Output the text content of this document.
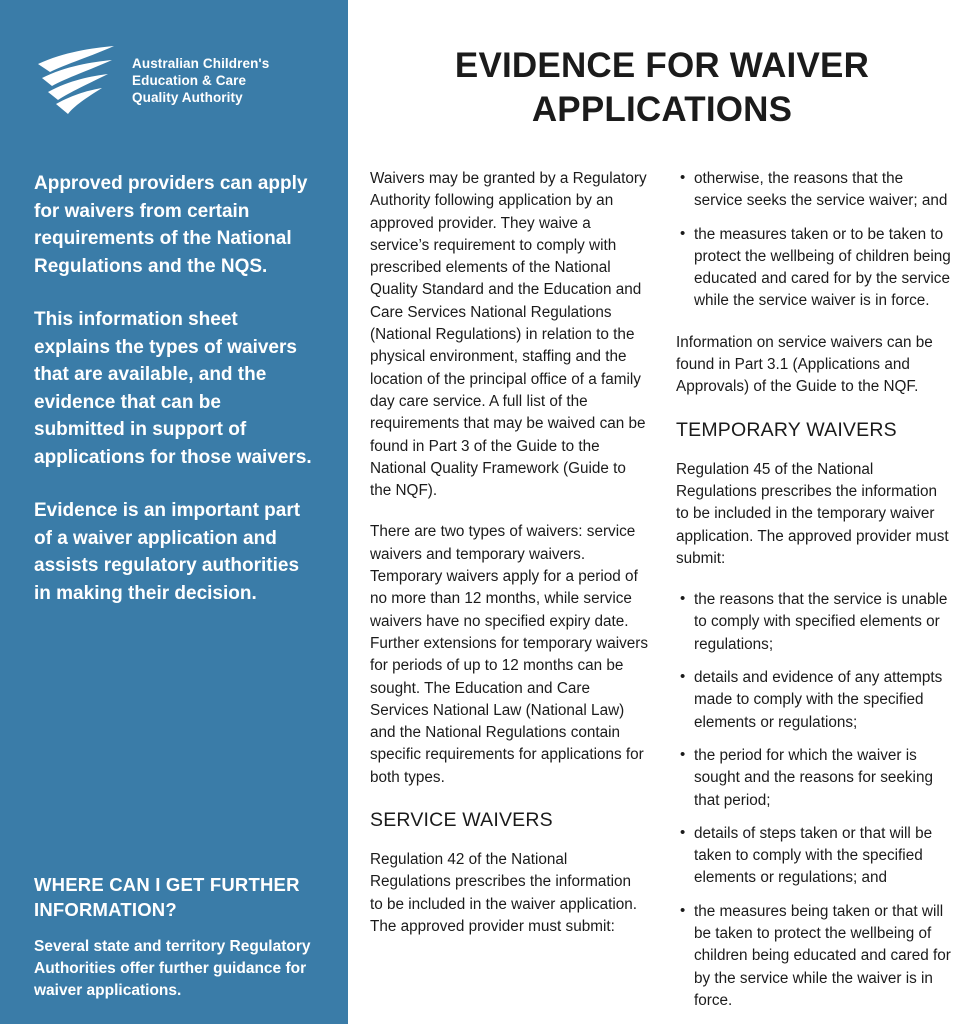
Australian Children's
Education & Care
Quality Authority

Approved providers can apply for waivers from certain requirements of the National Regulations and the NQS.

This information sheet explains the types of waivers that are available, and the evidence that can be submitted in support of applications for those waivers.

Evidence is an important part of a waiver application and assists regulatory authorities in making their decision.

WHERE CAN I GET FURTHER INFORMATION?

Several state and territory Regulatory Authorities offer further guidance for waiver applications.

EVIDENCE FOR WAIVER APPLICATIONS

Waivers may be granted by a Regulatory Authority following application by an approved provider. They waive a service’s requirement to comply with prescribed elements of the National Quality Standard and the Education and Care Services National Regulations (National Regulations) in relation to the physical environment, staffing and the location of the principal office of a family day care service. A full list of the requirements that may be waived can be found in Part 3 of the Guide to the National Quality Framework (Guide to the NQF).

There are two types of waivers: service waivers and temporary waivers. Temporary waivers apply for a period of no more than 12 months, while service waivers have no specified expiry date. Further extensions for temporary waivers for periods of up to 12 months can be sought. The Education and Care Services National Law (National Law) and the National Regulations contain specific requirements for applications for both types.

SERVICE WAIVERS

Regulation 42 of the National Regulations prescribes the information to be included in the waiver application. The approved provider must submit:

• otherwise, the reasons that the service seeks the service waiver; and
• the measures taken or to be taken to protect the wellbeing of children being educated and cared for by the service while the service waiver is in force.

Information on service waivers can be found in Part 3.1 (Applications and Approvals) of the Guide to the NQF.

TEMPORARY WAIVERS

Regulation 45 of the National Regulations prescribes the information to be included in the temporary waiver application. The approved provider must submit:

• the reasons that the service is unable to comply with specified elements or regulations;
• details and evidence of any attempts made to comply with the specified elements or regulations;
• the period for which the waiver is sought and the reasons for seeking that period;
• details of steps taken or that will be taken to comply with the specified elements or regulations; and
• the measures being taken or that will be taken to protect the wellbeing of children being educated and cared for by the service while the waiver is in force.
